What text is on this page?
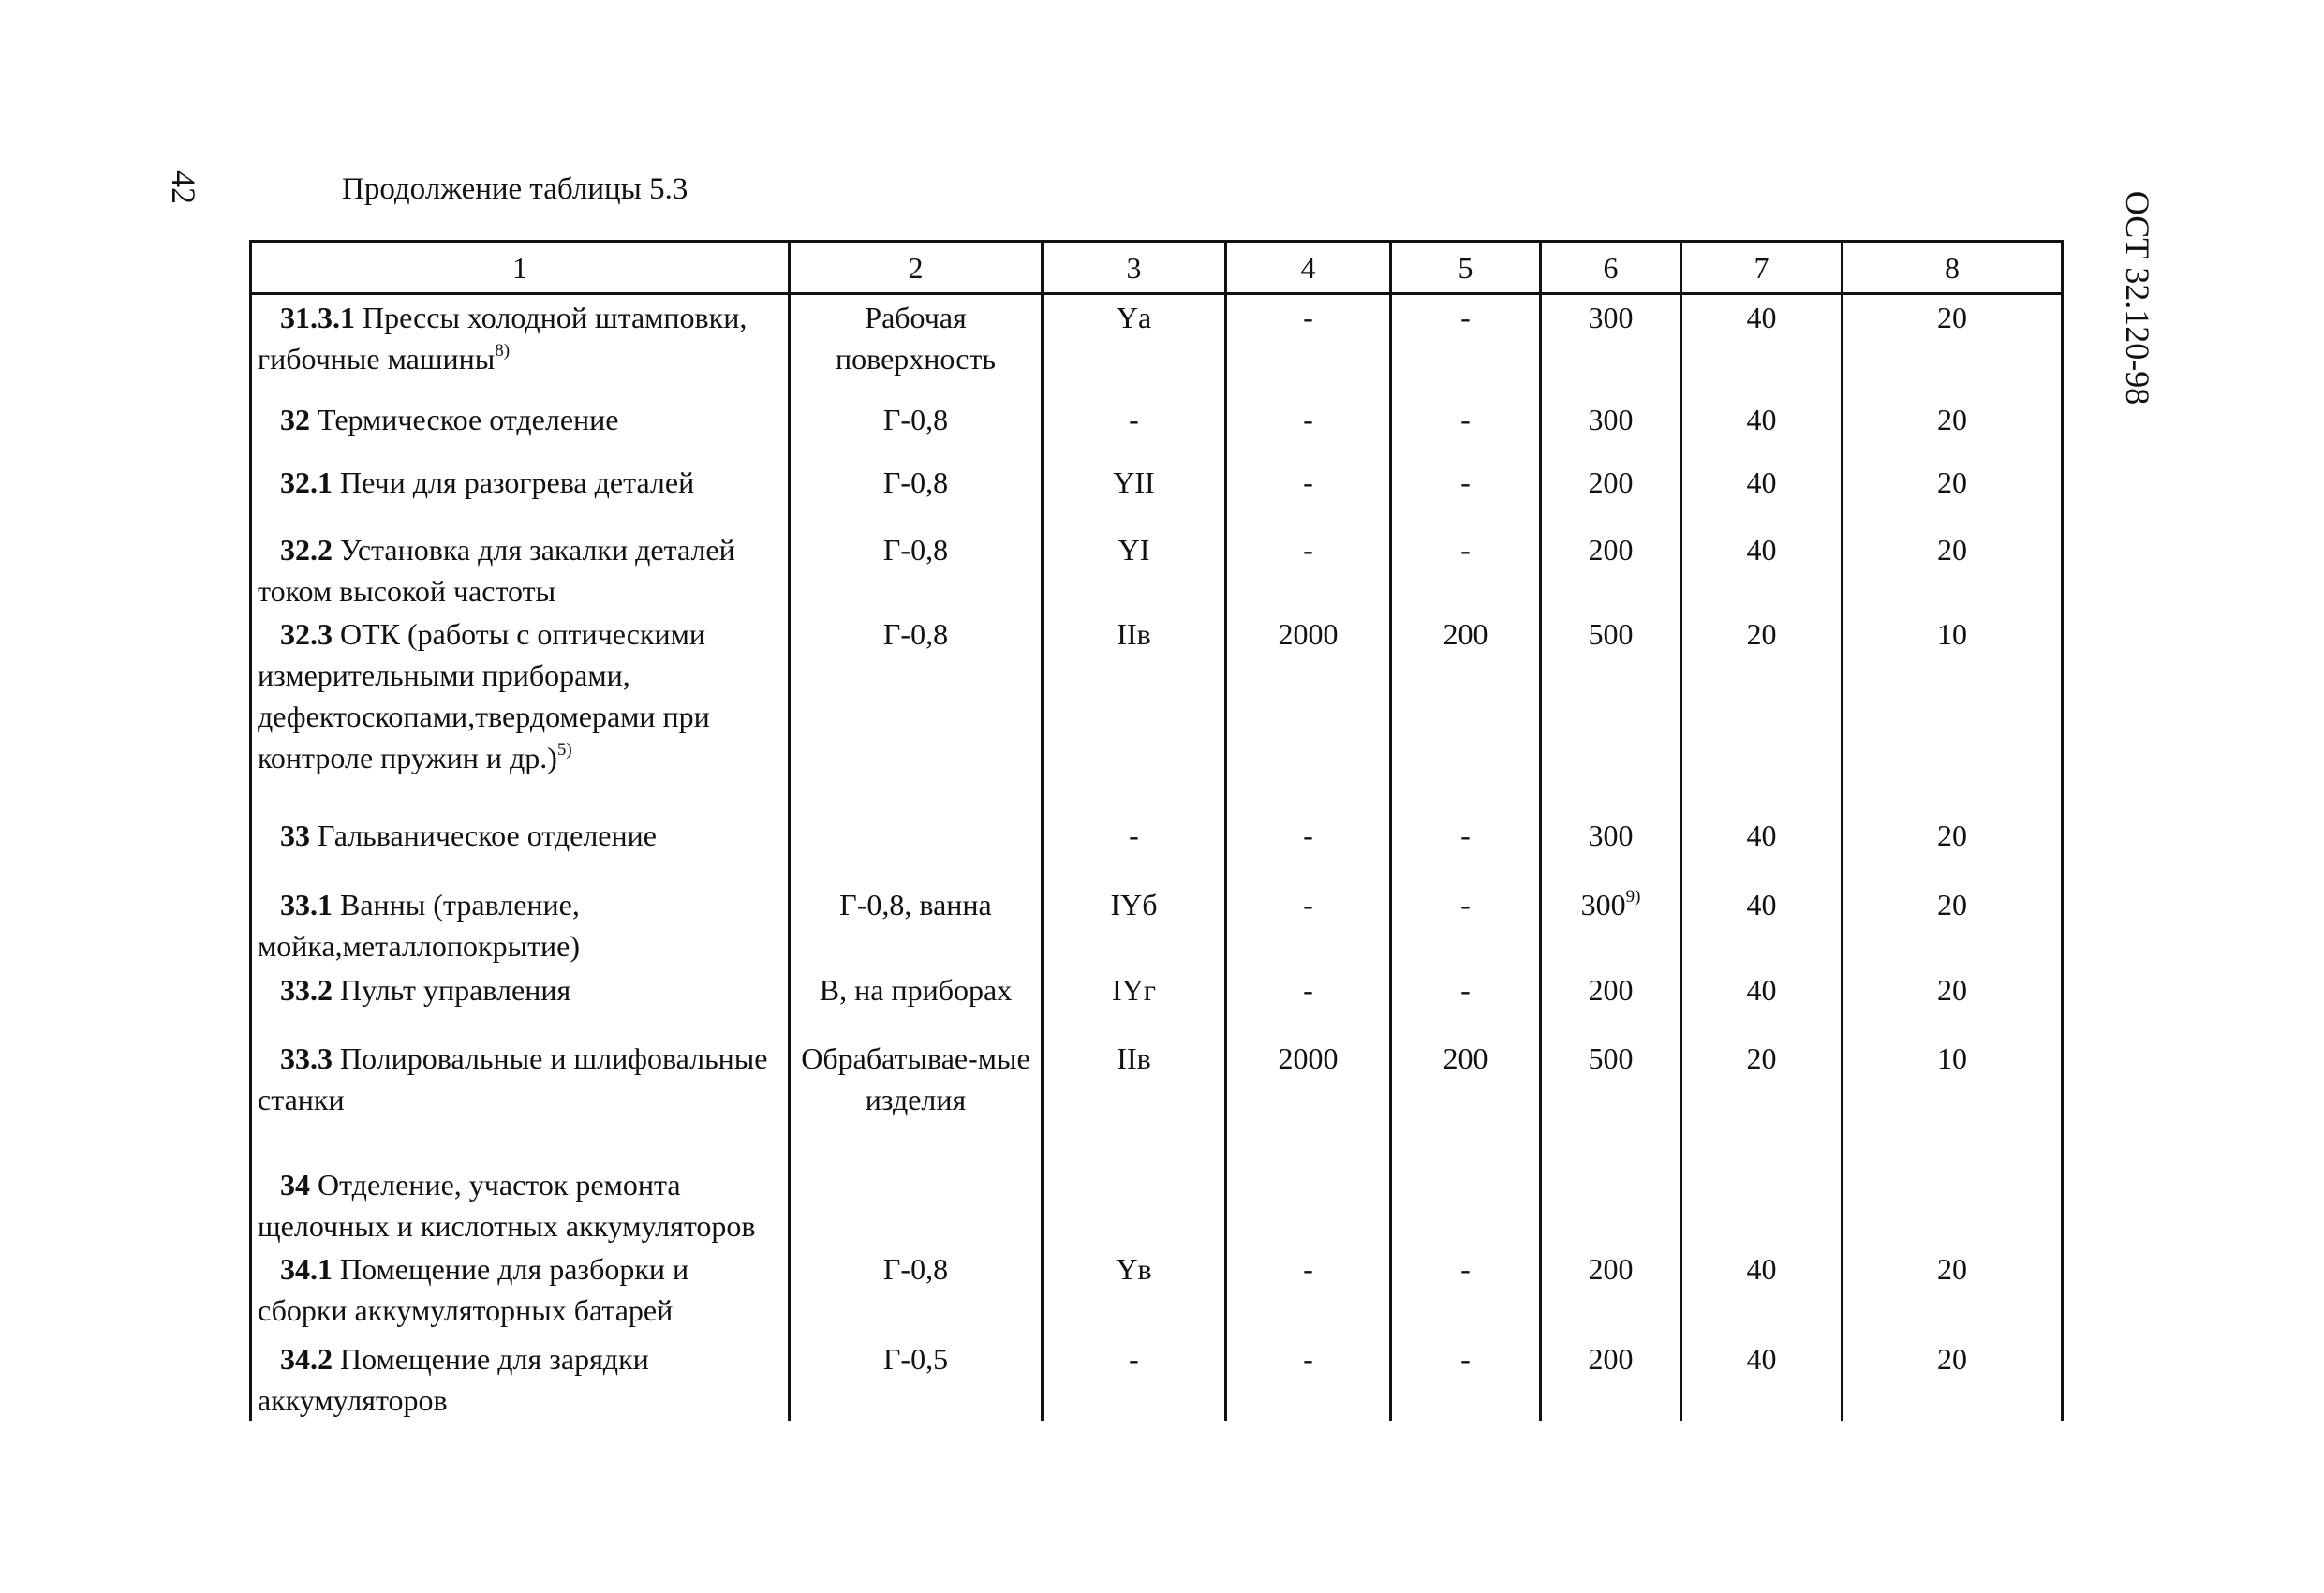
42
ОСТ 32.120-98
Продолжение таблицы 5.3
1	2	3	4	5	6	7	8
31.3.1 Прессы холодной штамповки, гибочные машины$^{8)}$	Рабочая поверхность	Yа	-	-	300	40	20
32 Термическое отделение	Г-0,8	-	-	-	300	40	20
32.1 Печи для разогрева деталей	Г-0,8	YII	-	-	200	40	20
32.2 Установка для закалки деталей током высокой частоты	Г-0,8	YI	-	-	200	40	20
32.3 ОТК (работы с оптическими измерительными приборами, дефектоскопами,твердомерами при контроле пружин и др.)$^{5)}$	Г-0,8	IIв	2000	200	500	20	10
33 Гальваническое отделение		-	-	-	300	40	20
33.1 Ванны (травление, мойка,металлопокрытие)	Г-0,8, ванна	IYб	-	-	300$^{9)}$	40	20
33.2 Пульт управления	В, на приборах	IYг	-	-	200	40	20
33.3 Полировальные и шлифовальные станки	Обрабатывае-мые изделия	IIв	2000	200	500	20	10
34 Отделение, участок ремонта щелочных и кислотных аккумуляторов							
34.1 Помещение для разборки и сборки аккумуляторных батарей	Г-0,8	Yв	-	-	200	40	20
34.2 Помещение для зарядки аккумуляторов	Г-0,5	-	-	-	200	40	20
